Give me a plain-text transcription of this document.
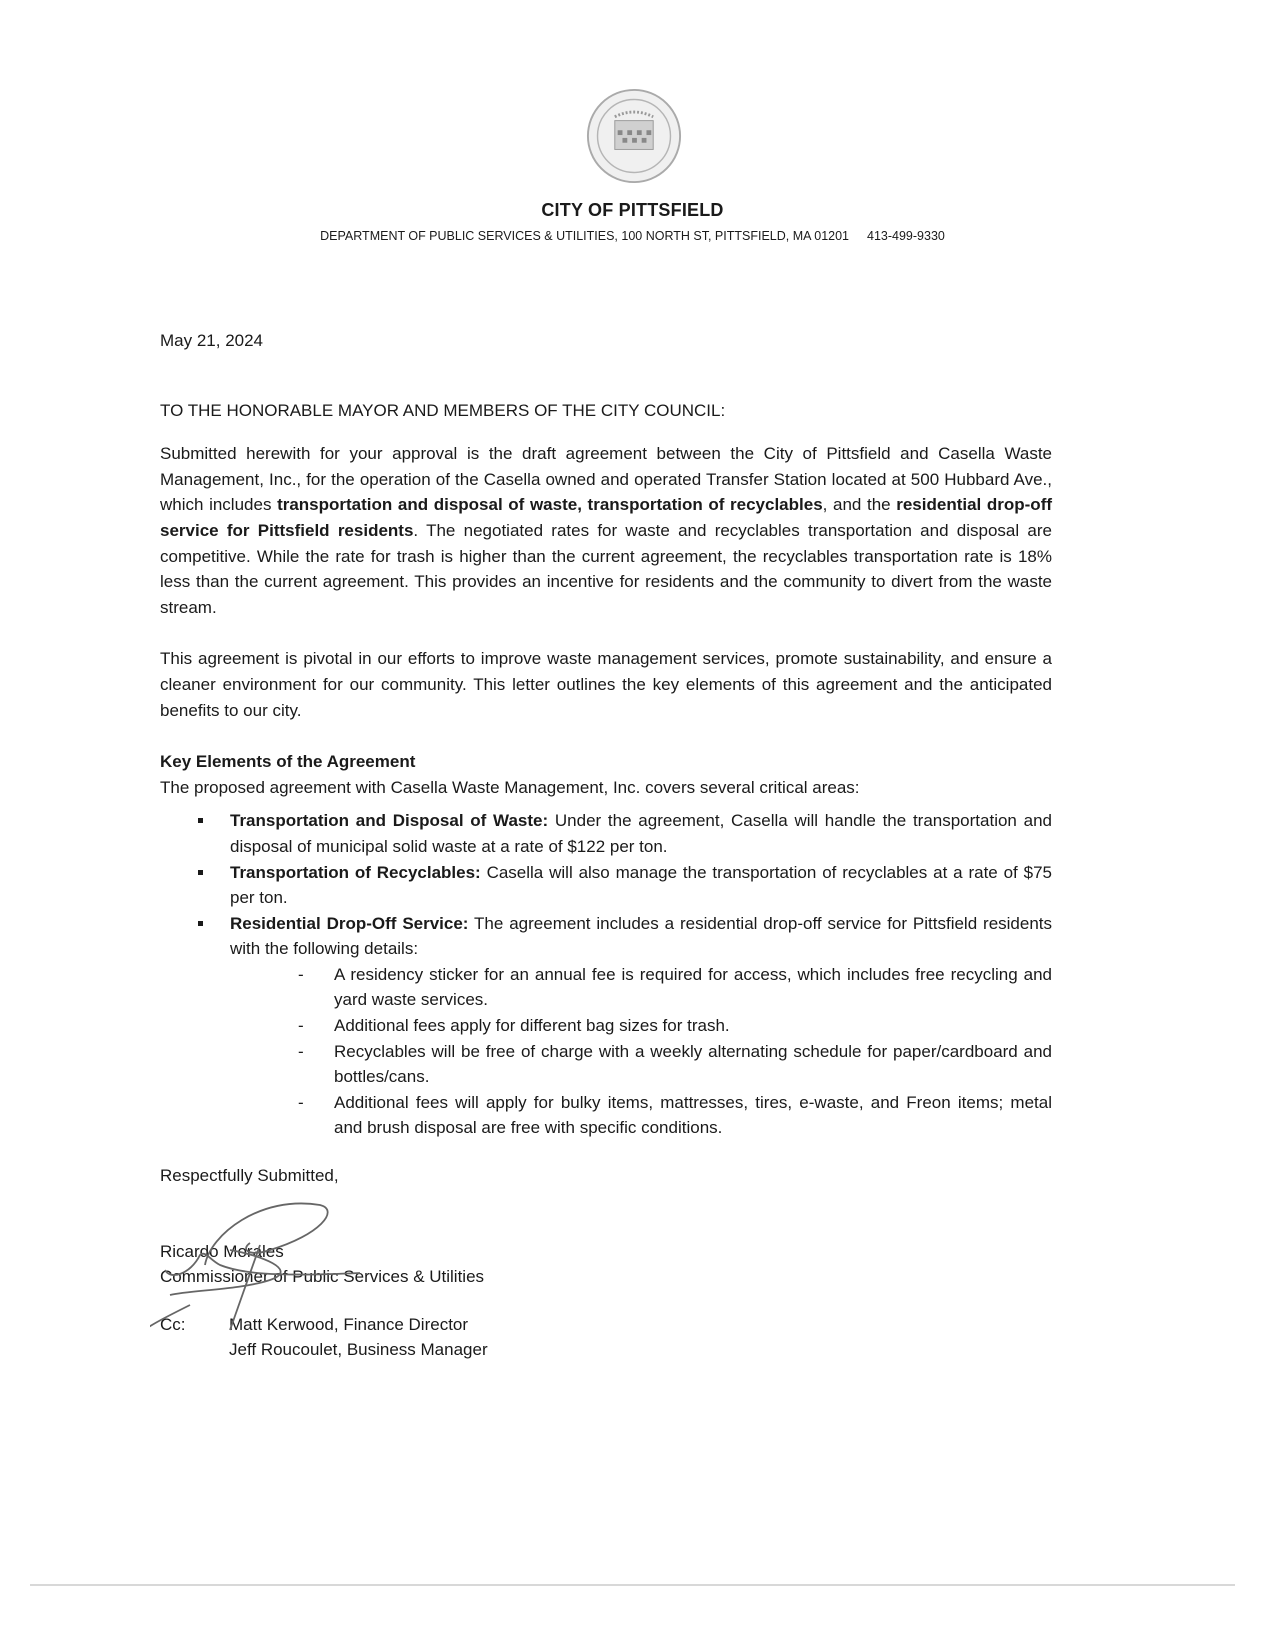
CITY OF PITTSFIELD
DEPARTMENT OF PUBLIC SERVICES & UTILITIES, 100 NORTH ST, PITTSFIELD, MA 01201 413-499-9330

May 21, 2024

TO THE HONORABLE MAYOR AND MEMBERS OF THE CITY COUNCIL:

Submitted herewith for your approval is the draft agreement between the City of Pittsfield and Casella Waste Management, Inc., for the operation of the Casella owned and operated Transfer Station located at 500 Hubbard Ave., which includes transportation and disposal of waste, transportation of recyclables, and the residential drop-off service for Pittsfield residents. The negotiated rates for waste and recyclables transportation and disposal are competitive. While the rate for trash is higher than the current agreement, the recyclables transportation rate is 18% less than the current agreement. This provides an incentive for residents and the community to divert from the waste stream.

This agreement is pivotal in our efforts to improve waste management services, promote sustainability, and ensure a cleaner environment for our community. This letter outlines the key elements of this agreement and the anticipated benefits to our city.

Key Elements of the Agreement

The proposed agreement with Casella Waste Management, Inc. covers several critical areas:

Transportation and Disposal of Waste: Under the agreement, Casella will handle the transportation and disposal of municipal solid waste at a rate of $122 per ton.
Transportation of Recyclables: Casella will also manage the transportation of recyclables at a rate of $75 per ton.
Residential Drop-Off Service: The agreement includes a residential drop-off service for Pittsfield residents with the following details:
- A residency sticker for an annual fee is required for access, which includes free recycling and yard waste services.
- Additional fees apply for different bag sizes for trash.
- Recyclables will be free of charge with a weekly alternating schedule for paper/cardboard and bottles/cans.
- Additional fees will apply for bulky items, mattresses, tires, e-waste, and Freon items; metal and brush disposal are free with specific conditions.

Respectfully Submitted,

Ricardo Morales

Commissioner of Public Services & Utilities

Cc:	Matt Kerwood, Finance Director
Jeff Roucoulet, Business Manager
